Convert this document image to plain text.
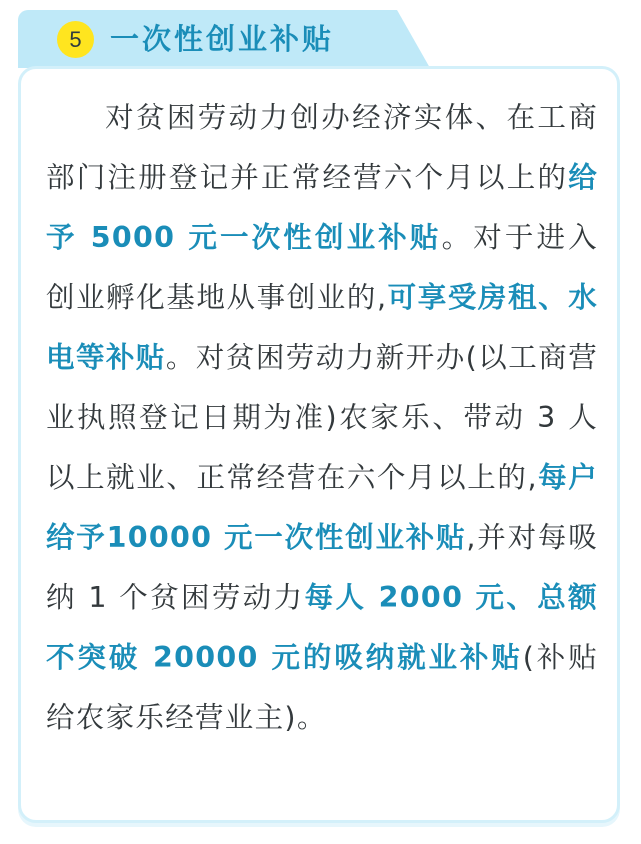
5 一次性创业补贴

对贫困劳动力创办经济实体、在工商部门注册登记并正常经营六个月以上的给予 5000 元一次性创业补贴。对于进入创业孵化基地从事创业的,可享受房租、水电等补贴。对贫困劳动力新开办(以工商营业执照登记日期为准)农家乐、带动 3 人以上就业、正常经营在六个月以上的,每户给予10000 元一次性创业补贴,并对每吸纳 1 个贫困劳动力每人 2000 元、总额不突破 20000 元的吸纳就业补贴(补贴给农家乐经营业主)。
